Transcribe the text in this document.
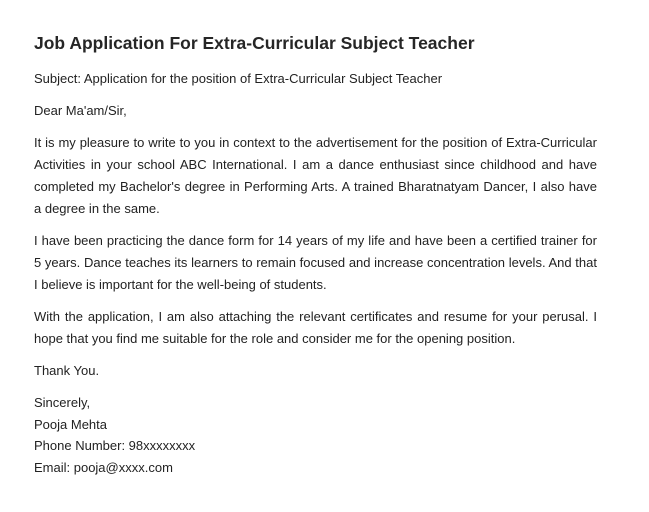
Job Application For Extra-Curricular Subject Teacher

Subject: Application for the position of Extra-Curricular Subject Teacher

Dear Ma'am/Sir,

It is my pleasure to write to you in context to the advertisement for the position of Extra-Curricular Activities in your school ABC International. I am a dance enthusiast since childhood and have completed my Bachelor's degree in Performing Arts. A trained Bharatnatyam Dancer, I also have a degree in the same.

I have been practicing the dance form for 14 years of my life and have been a certified trainer for 5 years. Dance teaches its learners to remain focused and increase concentration levels. And that I believe is important for the well-being of students.

With the application, I am also attaching the relevant certificates and resume for your perusal. I hope that you find me suitable for the role and consider me for the opening position.

Thank You.

Sincerely,

Pooja Mehta

Phone Number: 98xxxxxxxx

Email: pooja@xxxx.com
